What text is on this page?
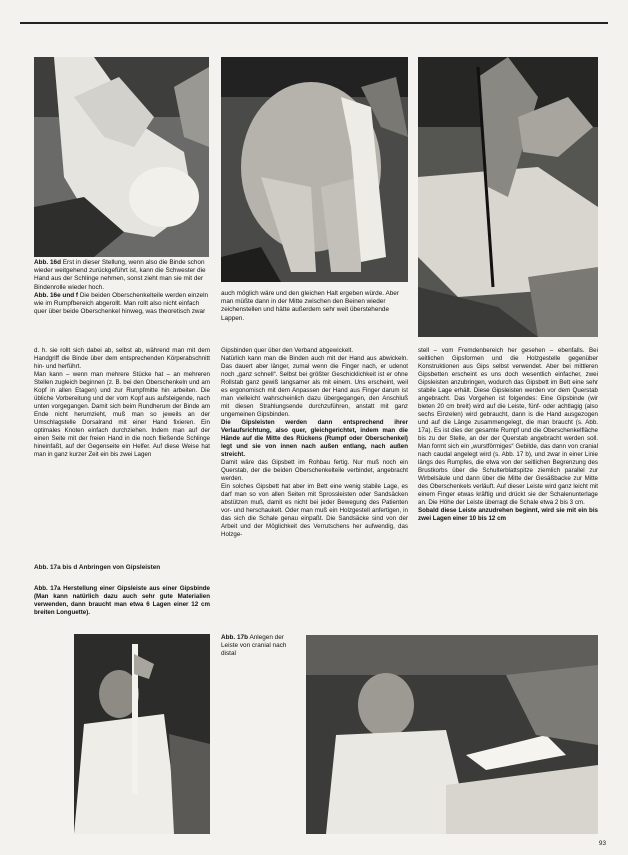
Abb. 16d Erst in dieser Stellung, wenn also die Binde schon wieder weitgehend zurückgeführt ist, kann die Schwester die Hand aus der Schlinge nehmen, sonst zieht man sie mit der Bindenrolle wieder hoch.
Abb. 16e und f Die beiden Oberschenkelteile werden einzeln wie im Rumpfbereich abgerollt. Man rollt also nicht einfach quer über beide Oberschenkel hinweg, was theoretisch zwar
auch möglich wäre und den gleichen Halt ergeben würde. Aber man müßte dann in der Mitte zwischen den Beinen wieder zeichenstellen und hätte außerdem sehr weit überstehende Lappen.

d. h. sie rollt sich dabei ab, selbst ab, während man mit dem Handgriff die Binde über dem entsprechenden Körperabschnitt hin- und herführt.

Man kann – wenn man mehrere Stücke hat – an mehreren Stellen zugleich beginnen (z. B. bei den Oberschenkeln und am Kopf in allen Etagen) und zur Rumpfmitte hin arbeiten. Die übliche Vorbereitung und der vom Kopf aus aufsteigende, nach unten vorgegangen. Damit sich beim Rundherum der Binde am Ende nicht herumzieht, muß man so jeweils an der Umschlagstelle Dorsalrand mit einer Hand fixieren. Ein optimales Knoten einfach durchziehen. Indem man auf der einen Seite mit der freien Hand in die noch fließende Schlinge hineinfaßt, auf der Gegenseite ein Helfer. Auf diese Weise hat man in ganz kurzer Zeit ein bis zwei Lagen

Abb. 17a bis d Anbringen von Gipsleisten
Abb. 17a Herstellung einer Gipsleiste aus einer Gipsbinde (Man kann natürlich dazu auch sehr gute Materialien verwenden, dann braucht man etwa 6 Lagen einer 12 cm breiten Longuette).

Gipsbinden quer über den Verband abgewickelt.

Natürlich kann man die Binden auch mit der Hand aus abwickeln. Das dauert aber länger, zumal wenn die Finger nach, er udenot noch „ganz schnell“. Selbst bei größter Geschicklichkeit ist er ohne Rollstab ganz gewiß langsamer als mit einem. Uns erscheint, weil es ergonomisch mit dem Anpassen der Hand aus Finger darum ist man vielleicht wahrscheinlich dazu übergegangen, den Anschluß mit diesen Strahlungsende durchzuführen, anstatt mit ganz ungemeinen Gipsbinden.

Die Gipsleisten werden dann entsprechend ihrer Verlaufsrichtung, also quer, gleichgerichtet, indem man die Hände auf die Mitte des Rückens (Rumpf oder Oberschenkel) legt und sie von innen nach außen entlang, nach außen streicht.

Damit wäre das Gipsbett im Rohbau fertig. Nur muß noch ein Querstab, der die beiden Oberschenkelteile verbindet, angebracht werden.

Ein solches Gipsbett hat aber im Bett eine wenig stabile Lage, es darf man so von allen Seiten mit Sprossleisten oder Sandsäcken abstützen muß, damit es nicht bei jeder Bewegung des Patienten vor- und herschaukelt. Oder man muß ein Holzgestell anfertigen, in das sich die Schale genau einpaßt. Die Sandsäcke sind von der Arbeit und der Möglichkeit des Verrutschens her aufwendig, das Holzge-

stell – vom Fremdenbereich her gesehen – ebenfalls. Bei seitlichen Gipsformen und die Holzgestelle gegenüber Konstruktionen aus Gips selbst verwendet. Aber bei mittleren Gipsbetten erscheint es uns doch wesentlich einfacher, zwei Gipsleisten anzubringen, wodurch das Gipsbett im Bett eine sehr stabile Lage erhält. Diese Gipsleisten werden vor dem Querstab angebracht. Das Vorgehen ist folgendes: Eine Gipsbinde (wir bieten 20 cm breit) wird auf die Leiste, fünf- oder achtlagig (also sechs Einzelen) wird gebraucht, dann is die Hand ausgezogen und auf die Länge zusammengelegt, die man braucht (s. Abb. 17a). Es ist dies der gesamte Rumpf und die Oberschenkelfläche bis zu der Stelle, an der der Querstab angebracht werden soll. Man formt sich ein „wurstförmiges“ Gebilde, das dann von cranial nach caudal angelegt wird (s. Abb. 17 b), und zwar in einer Linie längs des Rumpfes, die etwa von der seitlichen Begrenzung des Brustkorbs über die Schulterblattspitze ziemlich parallel zur Wirbelsäule und dann über die Mitte der Gesäßbacke zur Mitte des Oberschenkels verläuft. Auf dieser Leiste wird ganz leicht mit einem Finger etwas kräftig und drückt sie der Schalenunterlage an. Die Höhe der Leiste überragt die Schale etwa 2 bis 3 cm.

Sobald diese Leiste anzudrehen beginnt, wird sie mit ein bis zwei Lagen einer 10 bis 12 cm

Abb. 17b Anlegen der Leiste von cranial nach distal
93
